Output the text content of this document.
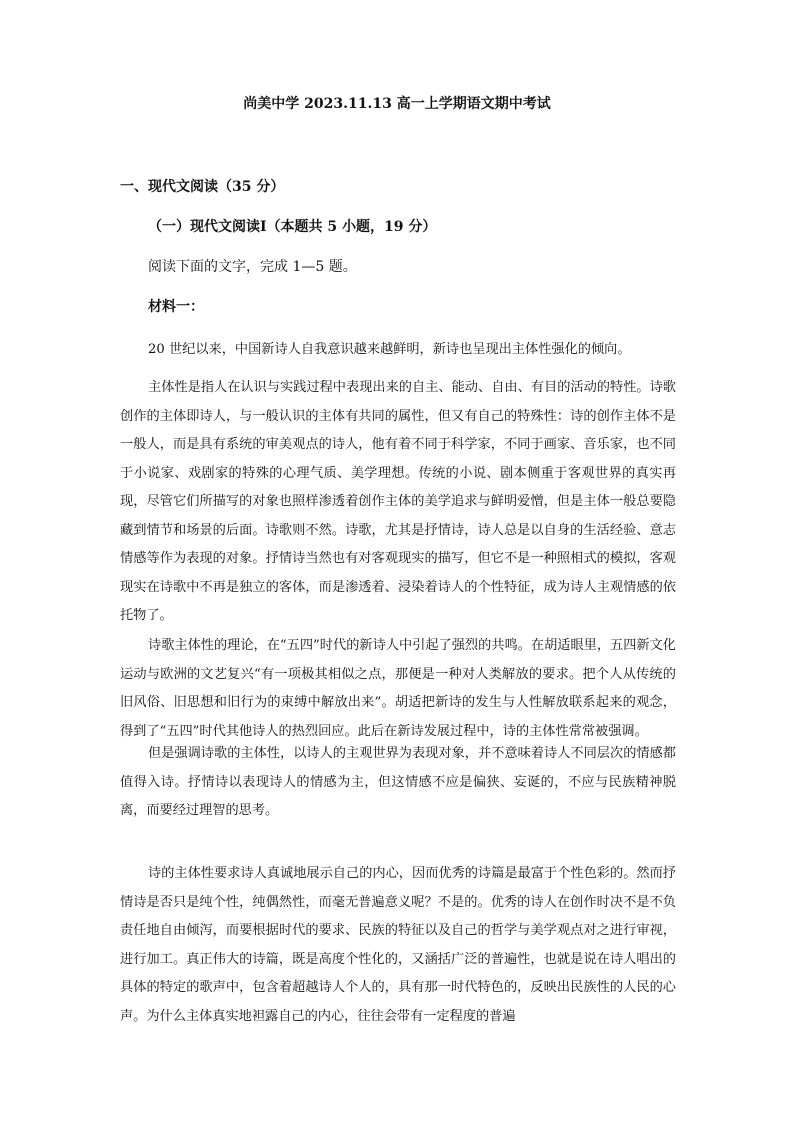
尚美中学 2023.11.13 高一上学期语文期中考试
一、现代文阅读（35 分）
（一）现代文阅读Ⅰ（本题共 5 小题，19 分）

阅读下面的文字，完成 1—5 题。

材料一：

20 世纪以来，中国新诗人自我意识越来越鲜明，新诗也呈现出主体性强化的倾向。

主体性是指人在认识与实践过程中表现出来的自主、能动、自由、有目的活动的特性。诗歌创作的主体即诗人，与一般认识的主体有共同的属性，但又有自己的特殊性：诗的创作主体不是一般人，而是具有系统的审美观点的诗人，他有着不同于科学家，不同于画家、音乐家，也不同于小说家、戏剧家的特殊的心理气质、美学理想。传统的小说、剧本侧重于客观世界的真实再现，尽管它们所描写的对象也照样渗透着创作主体的美学追求与鲜明爱憎，但是主体一般总要隐藏到情节和场景的后面。诗歌则不然。诗歌，尤其是抒情诗，诗人总是以自身的生活经验、意志情感等作为表现的对象。抒情诗当然也有对客观现实的描写，但它不是一种照相式的模拟，客观现实在诗歌中不再是独立的客体，而是渗透着、浸染着诗人的个性特征，成为诗人主观情感的依托物了。

诗歌主体性的理论，在“五四”时代的新诗人中引起了强烈的共鸣。在胡适眼里，五四新文化运动与欧洲的文艺复兴“有一项极其相似之点，那便是一种对人类解放的要求。把个人从传统的旧风俗、旧思想和旧行为的束缚中解放出来”。胡适把新诗的发生与人性解放联系起来的观念，得到了“五四”时代其他诗人的热烈回应。此后在新诗发展过程中，诗的主体性常常被强调。

但是强调诗歌的主体性，以诗人的主观世界为表现对象，并不意味着诗人不同层次的情感都值得入诗。抒情诗以表现诗人的情感为主，但这情感不应是偏狭、妄诞的，不应与民族精神脱离，而要经过理智的思考。

诗的主体性要求诗人真诚地展示自己的内心，因而优秀的诗篇是最富于个性色彩的。然而抒情诗是否只是纯个性，纯偶然性，而毫无普遍意义呢？不是的。优秀的诗人在创作时决不是不负责任地自由倾泻，而要根据时代的要求、民族的特征以及自己的哲学与美学观点对之进行审视，进行加工。真正伟大的诗篇，既是高度个性化的，又涵括广泛的普遍性，也就是说在诗人唱出的具体的特定的歌声中，包含着超越诗人个人的，具有那一时代特色的，反映出民族性的人民的心声。为什么主体真实地袒露自己的内心，往往会带有一定程度的普遍
